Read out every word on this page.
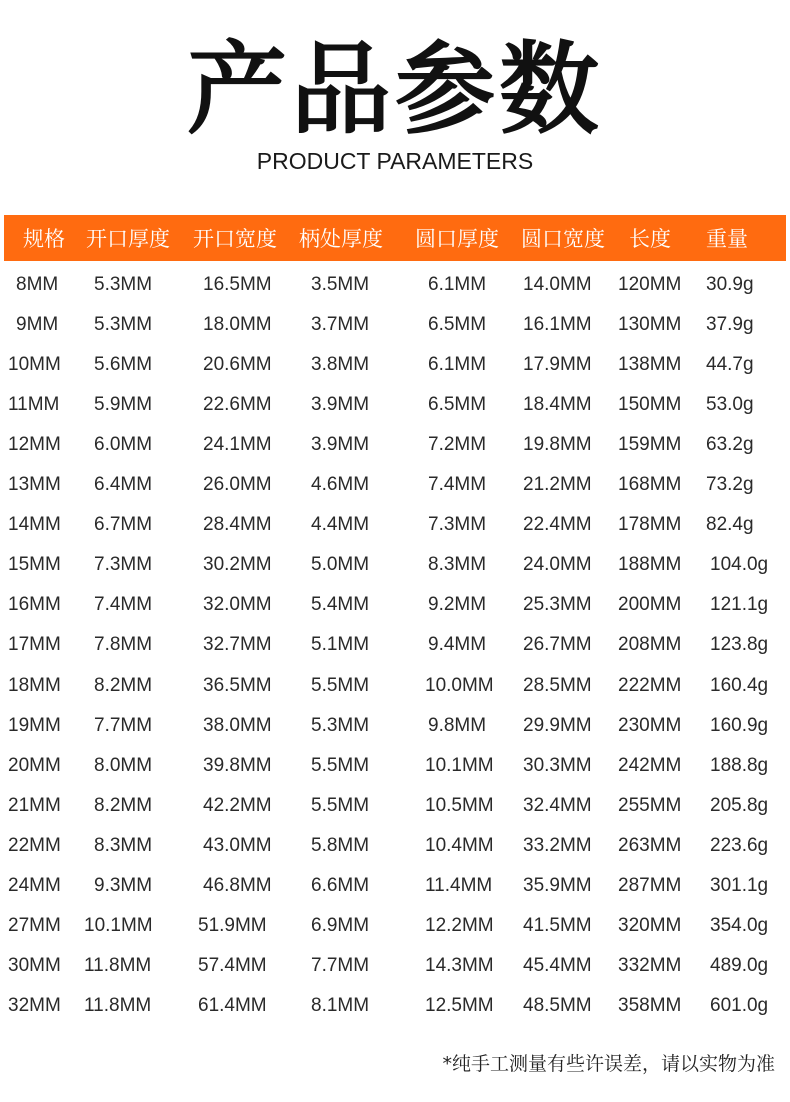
产品参数
PRODUCT PARAMETERS
规格 开口厚度 开口宽度 柄处厚度 圆口厚度 圆口宽度 长度 重量
8MM 5.3MM	16.5MM 3.5MM	6.1MM 14.0MM 120MM 30.9g
9MM 5.3MM	18.0MM 3.7MM	6.5MM 16.1MM 130MM 37.9g
10MM 5.6MM	20.6MM 3.8MM	6.1MM 17.9MM 138MM 44.7g
11MM 5.9MM	22.6MM 3.9MM	6.5MM 18.4MM 150MM 53.0g
12MM 6.0MM	24.1MM 3.9MM	7.2MM 19.8MM 159MM 63.2g
13MM 6.4MM	26.0MM 4.6MM	7.4MM 21.2MM 168MM 73.2g
14MM 6.7MM	28.4MM 4.4MM	7.3MM 22.4MM 178MM 82.4g
15MM 7.3MM	30.2MM 5.0MM	8.3MM 24.0MM 188MM 104.0g
16MM 7.4MM	32.0MM 5.4MM	9.2MM 25.3MM 200MM 121.1g
17MM 7.8MM	32.7MM 5.1MM	9.4MM 26.7MM 208MM 123.8g
18MM 8.2MM	36.5MM 5.5MM	10.0MM 28.5MM 222MM 160.4g
19MM 7.7MM	38.0MM 5.3MM	9.8MM 29.9MM 230MM 160.9g
20MM 8.0MM	39.8MM 5.5MM	10.1MM 30.3MM 242MM 188.8g
21MM 8.2MM	42.2MM 5.5MM	10.5MM 32.4MM 255MM 205.8g
22MM 8.3MM	43.0MM 5.8MM	10.4MM 33.2MM 263MM 223.6g
24MM 9.3MM	46.8MM 6.6MM	11.4MM 35.9MM 287MM 301.1g
27MM 10.1MM 51.9MM 6.9MM	12.2MM 41.5MM 320MM 354.0g
30MM 11.8MM 57.4MM 7.7MM	14.3MM 45.4MM 332MM 489.0g
32MM 11.8MM 61.4MM 8.1MM	12.5MM 48.5MM 358MM 601.0g
*纯手工测量有些许误差，请以实物为准
